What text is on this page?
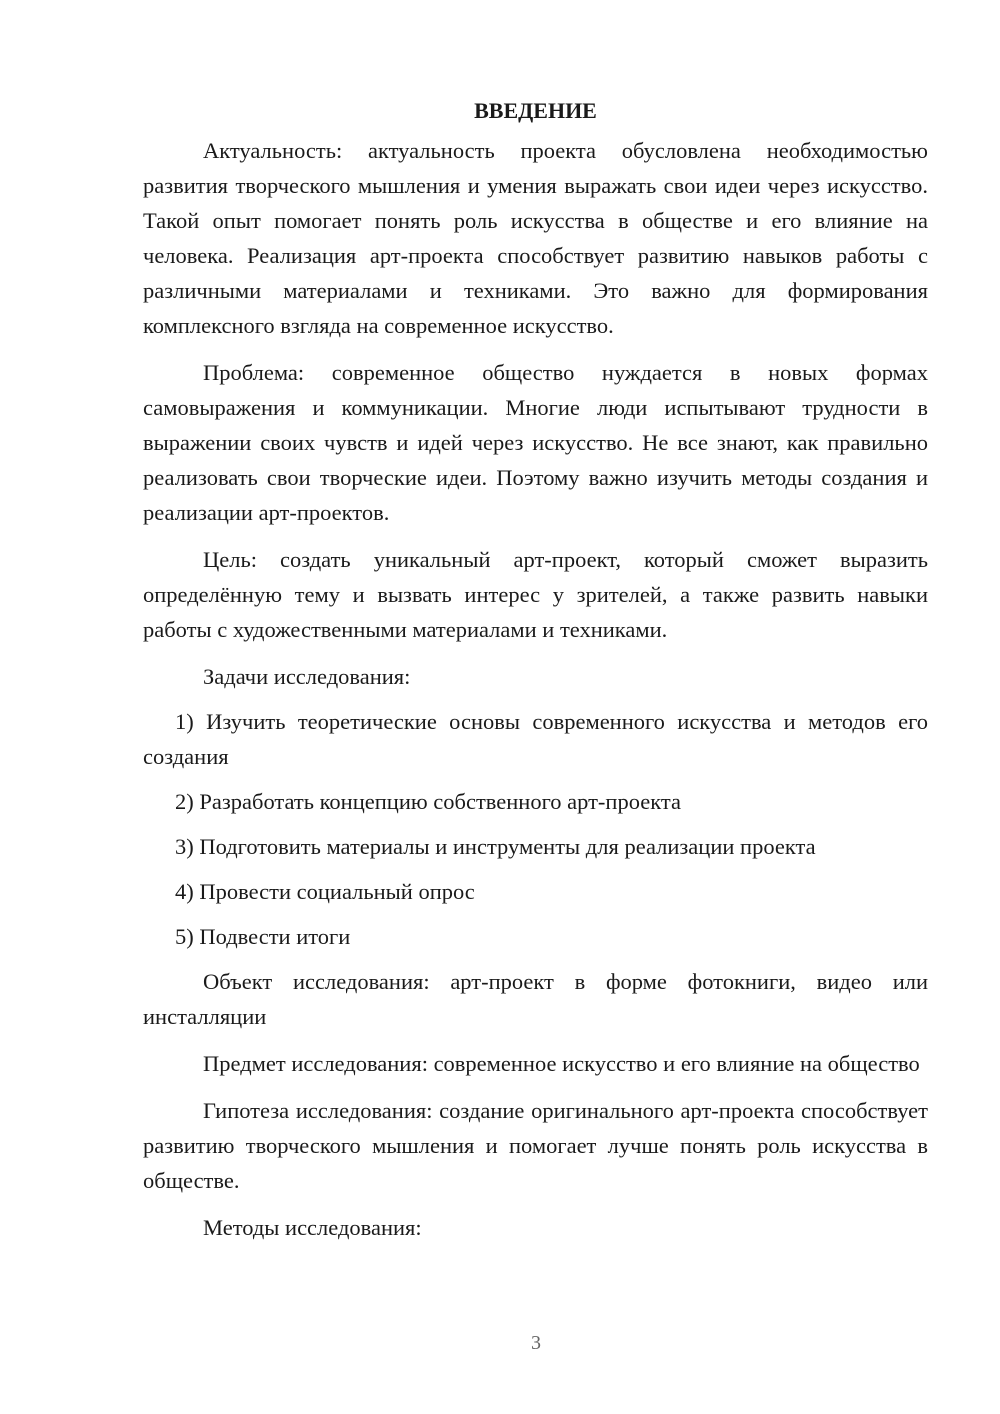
ВВЕДЕНИЕ

Актуальность: актуальность проекта обусловлена необходимостью развития творческого мышления и умения выражать свои идеи через искусство. Такой опыт помогает понять роль искусства в обществе и его влияние на человека. Реализация арт-проекта способствует развитию навыков работы с различными материалами и техниками. Это важно для формирования комплексного взгляда на современное искусство.

Проблема: современное общество нуждается в новых формах самовыражения и коммуникации. Многие люди испытывают трудности в выражении своих чувств и идей через искусство. Не все знают, как правильно реализовать свои творческие идеи. Поэтому важно изучить методы создания и реализации арт-проектов.

Цель: создать уникальный арт-проект, который сможет выразить определённую тему и вызвать интерес у зрителей, а также развить навыки работы с художественными материалами и техниками.

Задачи исследования:

1) Изучить теоретические основы современного искусства и методов его создания

2) Разработать концепцию собственного арт-проекта

3) Подготовить материалы и инструменты для реализации проекта

4) Провести социальный опрос

5) Подвести итоги

Объект исследования: арт-проект в форме фотокниги, видео или инсталляции

Предмет исследования: современное искусство и его влияние на общество

Гипотеза исследования: создание оригинального арт-проекта способствует развитию творческого мышления и помогает лучше понять роль искусства в обществе.

Методы исследования:

3
